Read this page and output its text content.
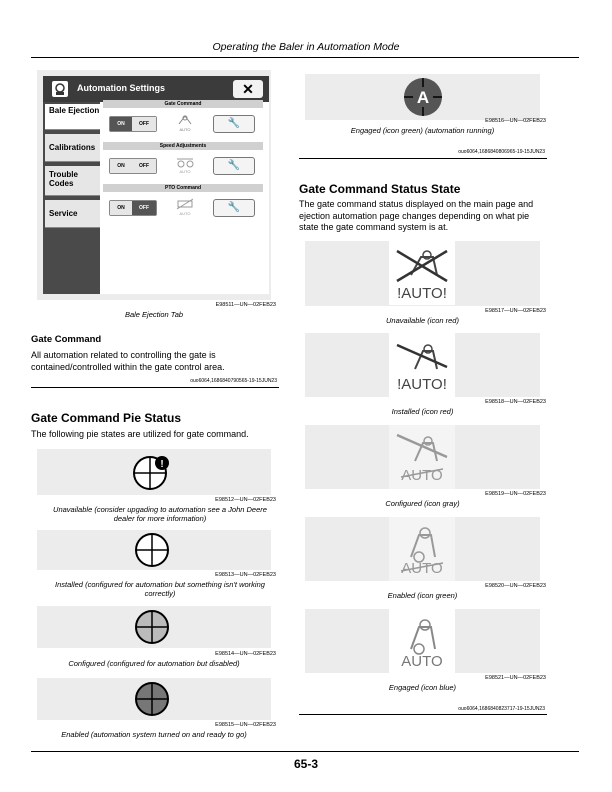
Operating the Baler in Automation Mode
Automation Settings	✕
Bale Ejection
Calibrations
Trouble Codes
Service
Gate Command
ON	OFF
AUTO
🔧
Speed Adjustments
ON	OFF
AUTO
🔧
PTO Command
ON	OFF
AUTO
🔧
E98511—UN—02FEB23
Bale Ejection Tab
Gate Command
All automation related to controlling the gate is contained/controlled within the gate control area.
ouo6064,1686840790565-19-15JUN23
Gate Command Pie Status
The following pie states are utilized for gate command.
!
E98512—UN—02FEB23
Unavailable (consider upgading to automation see a John Deere dealer for more information)
E98513—UN—02FEB23
Installed (configured for automation but something isn't working correctly)
E98514—UN—02FEB23
Configured (configured for automation but disabled)
E98515—UN—02FEB23
Enabled (automation system turned on and ready to go)
A
E98516—UN—02FEB23
Engaged (icon green) (automation running)
ouo6064,1686840806965-19-15JUN23
Gate Command Status State
The gate command status displayed on the main page and ejection automation page changes depending on what pie state the gate command system is at.
!AUTO!
E98517—UN—02FEB23
Unavailable (icon red)
!AUTO!
E98518—UN—02FEB23
Installed (icon red)
AUTO
E98519—UN—02FEB23
Configured (icon gray)
AUTO
E98520—UN—02FEB23
Enabled (icon green)
AUTO
E98521—UN—02FEB23
Engaged (icon blue)
ouo6064,1686840823717-19-15JUN23
65-3
